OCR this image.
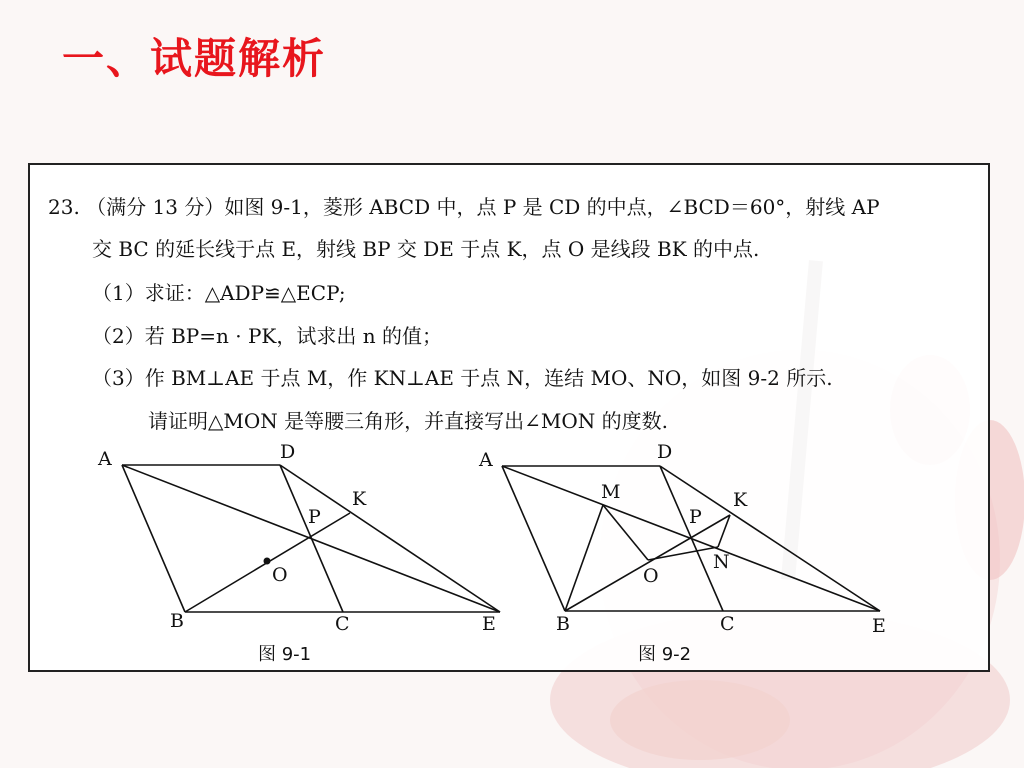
一、试题解析
23. （满分 13 分）如图 9-1，菱形 ABCD 中，点 P 是 CD 的中点，∠BCD＝60°，射线 AP
交 BC 的延长线于点 E，射线 BP 交 DE 于点 K，点 O 是线段 BK 的中点.
（1）求证：△ADP≌△ECP;
（2）若 BP=n · PK，试求出 n 的值；
（3）作 BM⊥AE 于点 M，作 KN⊥AE 于点 N，连结 MO、NO，如图 9-2 所示.
请证明△MON 是等腰三角形，并直接写出∠MON 的度数.
A	D
K
P
O
B	C	E
图 9-1
A	D
M	K
P
O
N
B	C	E
图 9-2
